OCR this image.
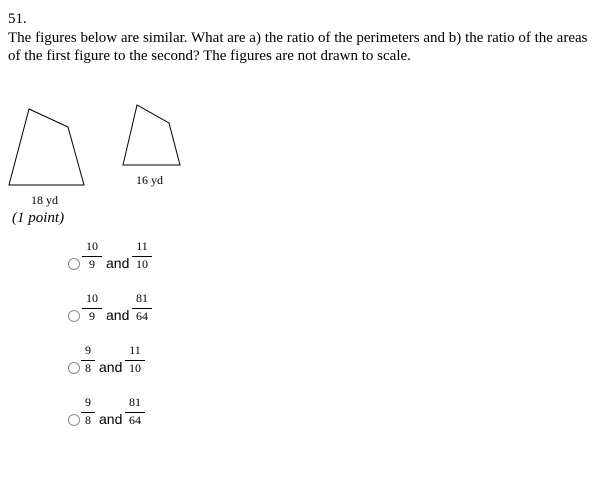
51.
The figures below are similar. What are a) the ratio of the perimeters and b) the ratio of the areas of the first figure to the second? The figures are not drawn to scale.
18 yd
16 yd
(1 point)
10
9 and
11
10
10
9 and
81
64
9
8 and
11
10
9
8 and
81
64
